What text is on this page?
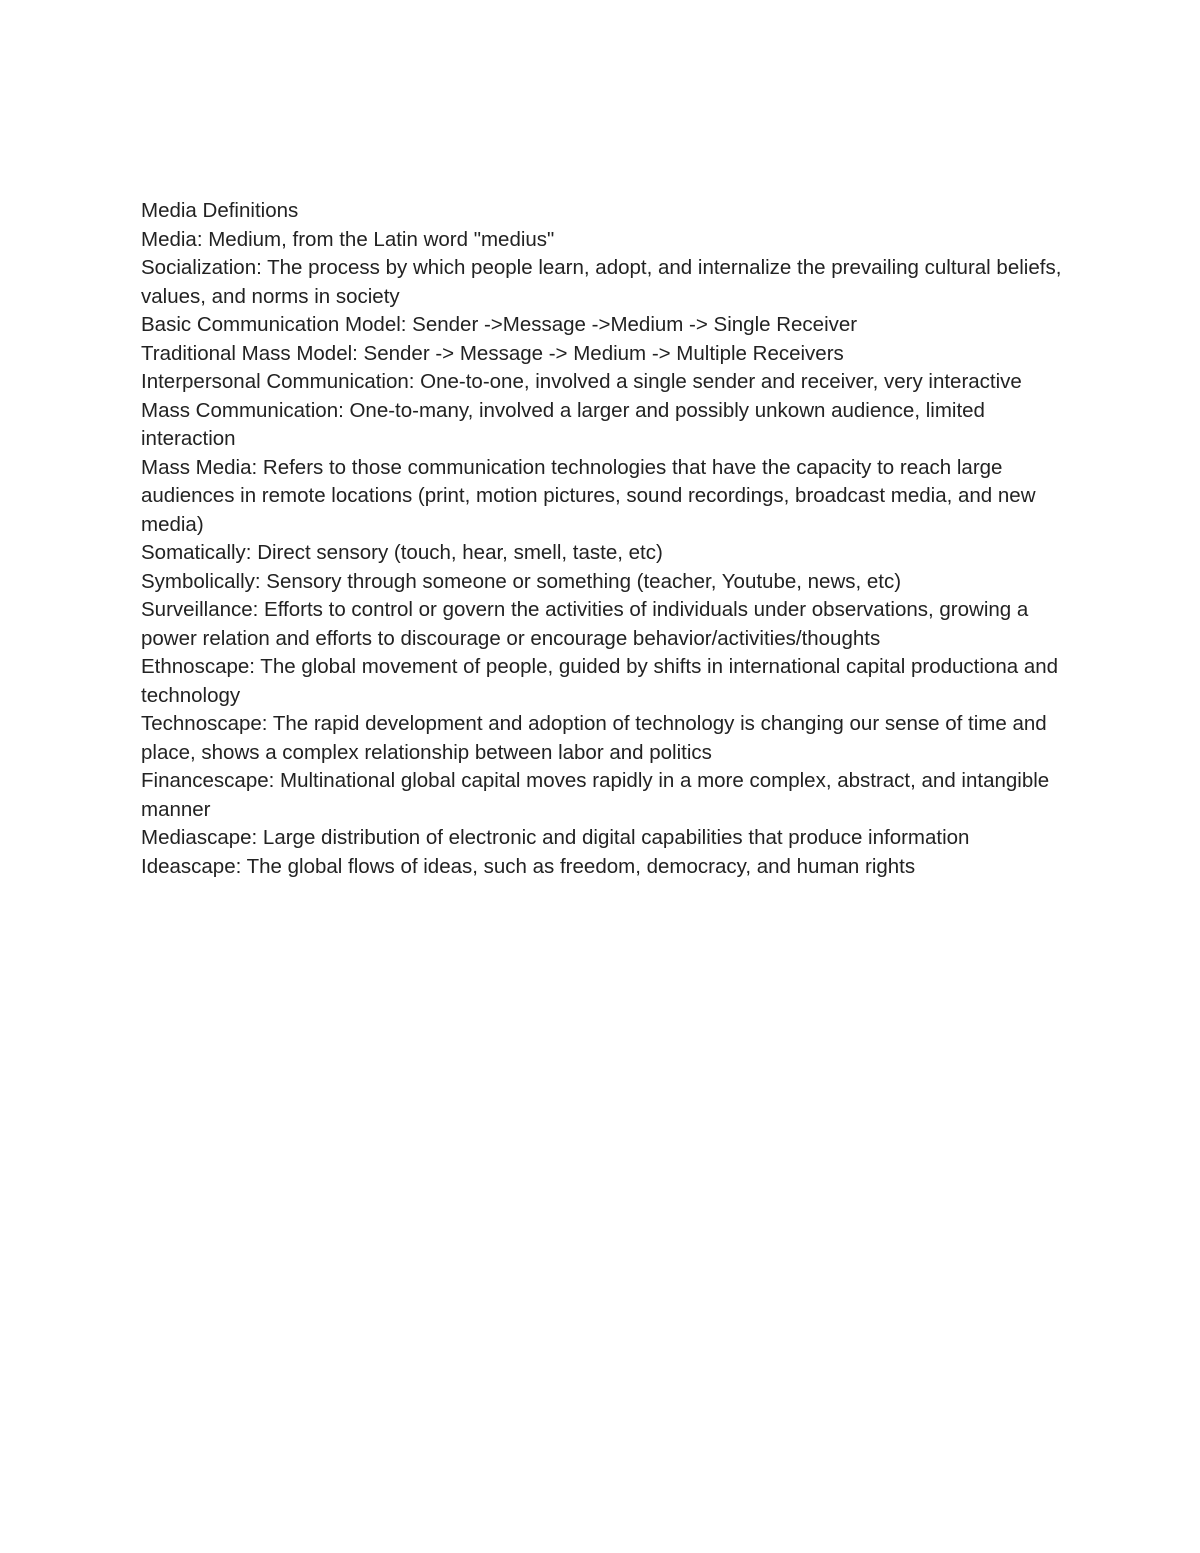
Media Definitions

Media: Medium, from the Latin word "medius"

Socialization: The process by which people learn, adopt, and internalize the prevailing cultural beliefs, values, and norms in society

Basic Communication Model: Sender ->Message ->Medium -> Single Receiver

Traditional Mass Model: Sender -> Message -> Medium -> Multiple Receivers

Interpersonal Communication: One-to-one, involved a single sender and receiver, very interactive

Mass Communication: One-to-many, involved a larger and possibly unkown audience, limited interaction

Mass Media: Refers to those communication technologies that have the capacity to reach large audiences in remote locations (print, motion pictures, sound recordings, broadcast media, and new media)

Somatically: Direct sensory (touch, hear, smell, taste, etc)

Symbolically: Sensory through someone or something (teacher, Youtube, news, etc)

Surveillance: Efforts to control or govern the activities of individuals under observations, growing a power relation and efforts to discourage or encourage behavior/activities/thoughts

Ethnoscape: The global movement of people, guided by shifts in international capital productiona and technology

Technoscape: The rapid development and adoption of technology is changing our sense of time and place, shows a complex relationship between labor and politics

Financescape: Multinational global capital moves rapidly in a more complex, abstract, and intangible manner

Mediascape: Large distribution of electronic and digital capabilities that produce information

Ideascape: The global flows of ideas, such as freedom, democracy, and human rights
